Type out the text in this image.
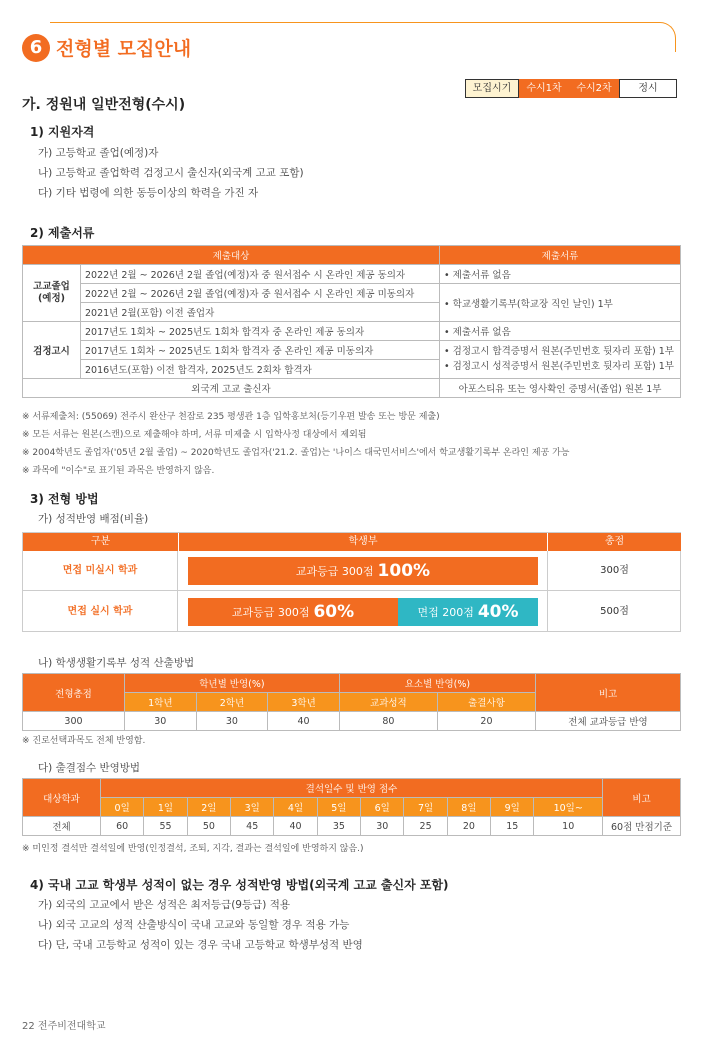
6 전형별 모집안내
모집시기	수시1차	수시2차	정시
가. 정원내 일반전형(수시)
1) 지원자격
가) 고등학교 졸업(예정)자
나) 고등학교 졸업학력 검정고시 출신자(외국계 고교 포함)
다) 기타 법령에 의한 동등이상의 학력을 가진 자
2) 제출서류
제출대상		제출서류
고교졸업
(예정)	2022년 2월 ~ 2026년 2월 졸업(예정)자 중 원서접수 시 온라인 제공 동의자	• 제출서류 없음
	2022년 2월 ~ 2026년 2월 졸업(예정)자 중 원서접수 시 온라인 제공 미동의자	• 학교생활기록부(학교장 직인 날인) 1부
	2021년 2월(포함) 이전 졸업자	
검정고시	2017년도 1회차 ~ 2025년도 1회차 합격자 중 온라인 제공 동의자	• 제출서류 없음
	2017년도 1회차 ~ 2025년도 1회차 합격자 중 온라인 제공 미동의자	• 검정고시 합격증명서 원본(주민번호 뒷자리 포함) 1부
• 검정고시 성적증명서 원본(주민번호 뒷자리 포함) 1부

	2016년도(포함) 이전 합격자, 2025년도 2회차 합격자	
외국계 고교 출신자		아포스티유 또는 영사확인 증명서(졸업) 원본 1부
※ 서류제출처: (55069) 전주시 완산구 천잠로 235 평생관 1층 입학홍보처(등기우편 발송 또는 방문 제출)
※ 모든 서류는 원본(스캔)으로 제출해야 하며, 서류 미제출 시 입학사정 대상에서 제외됨
※ 2004학년도 졸업자('05년 2월 졸업) ~ 2020학년도 졸업자('21.2. 졸업)는 '나이스 대국민서비스'에서 학교생활기록부 온라인 제공 가능
※ 과목에 "이수"로 표기된 과목은 반영하지 않음.
3) 전형 방법
가) 성적반영 배점(비율)
구분	학생부	총점
면접 미실시 학과	교과등급 300점 100%	300점
면접 실시 학과	교과등급 300점 60%	면접 200점 40%	500점
나) 학생생활기록부 성적 산출방법
전형총점	학년별 반영(%)			요소별 반영(%)		비고
	1학년	2학년	3학년	교과성적	출결사항	
300	30	30	40	80	20	전체 교과등급 반영
※ 진로선택과목도 전체 반영함.
다) 출결점수 반영방법
대상학과	결석일수 및 반영 점수											비고
	0일	1일	2일	3일	4일	5일	6일	7일	8일	9일	10일~	
전체	60	55	50	45	40	35	30	25	20	15	10	60점 만점기준
※ 미인정 결석만 결석일에 반영(인정결석, 조퇴, 지각, 결과는 결석일에 반영하지 않음.)
4) 국내 고교 학생부 성적이 없는 경우 성적반영 방법(외국계 고교 출신자 포함)
가) 외국의 고교에서 받은 성적은 최저등급(9등급) 적용
나) 외국 고교의 성적 산출방식이 국내 고교와 동일할 경우 적용 가능
다) 단, 국내 고등학교 성적이 있는 경우 국내 고등학교 학생부성적 반영
22 전주비전대학교
